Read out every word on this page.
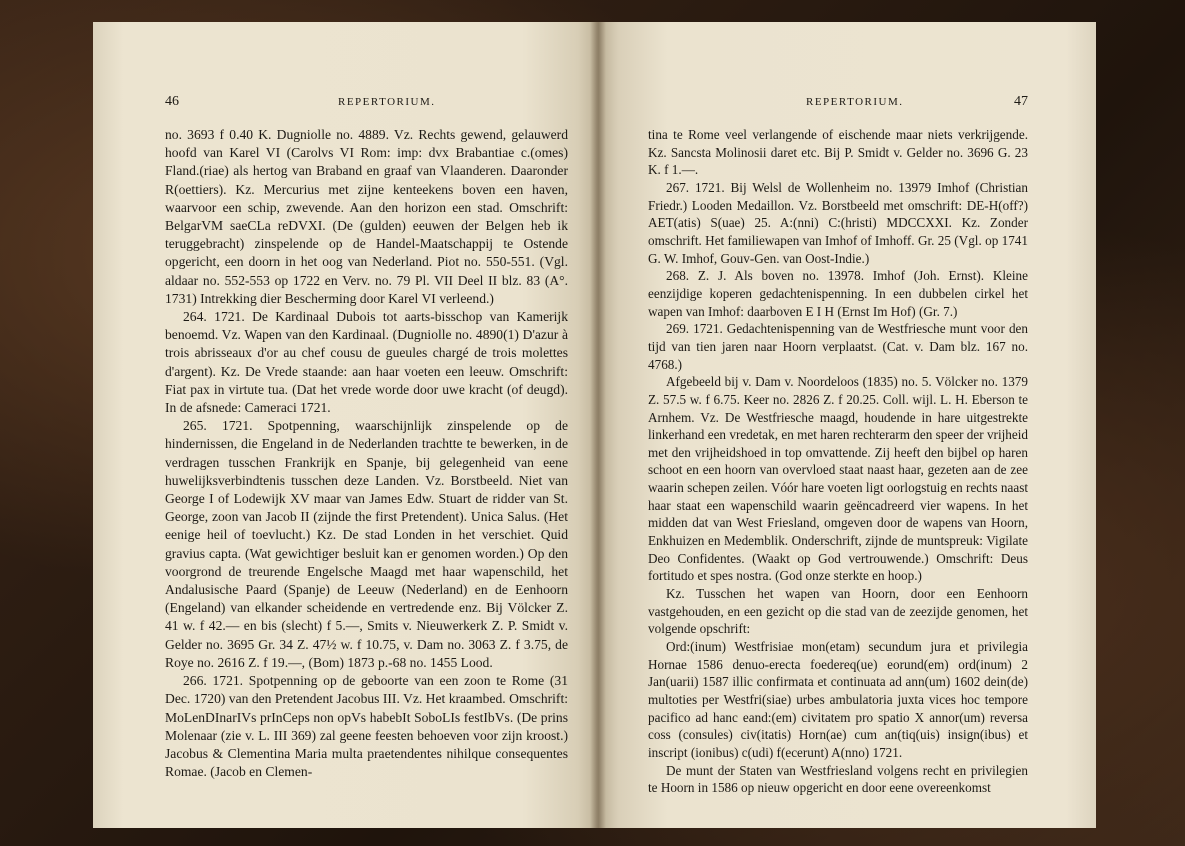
46	REPERTORIUM.

no. 3693 f 0.40 K. Dugniolle no. 4889. Vz. Rechts gewend, gelauwerd hoofd van Karel VI (Carolvs VI Rom: imp: dvx Brabantiae c.(omes) Fland.(riae) als hertog van Braband en graaf van Vlaanderen. Daaronder R(oettiers). Kz. Mercurius met zijne kenteekens boven een haven, waarvoor een schip, zwevende. Aan den horizon een stad. Omschrift: BelgarVM saeCLa reDVXI. (De (gulden) eeuwen der Belgen heb ik teruggebracht) zinspelende op de Handel-Maatschappij te Ostende opgericht, een doorn in het oog van Nederland. Piot no. 550-551. (Vgl. aldaar no. 552-553 op 1722 en Verv. no. 79 Pl. VII Deel II blz. 83 (A°. 1731) Intrekking dier Bescherming door Karel VI verleend.)

264. 1721. De Kardinaal Dubois tot aarts-bisschop van Kamerijk benoemd. Vz. Wapen van den Kardinaal. (Dugniolle no. 4890(1) D'azur à trois abrisseaux d'or au chef cousu de gueules chargé de trois molettes d'argent). Kz. De Vrede staande: aan haar voeten een leeuw. Omschrift: Fiat pax in virtute tua. (Dat het vrede worde door uwe kracht (of deugd). In de afsnede: Cameraci 1721.

265. 1721. Spotpenning, waarschijnlijk zinspelende op de hindernissen, die Engeland in de Nederlanden trachtte te bewerken, in de verdragen tusschen Frankrijk en Spanje, bij gelegenheid van eene huwelijksverbindtenis tusschen deze Landen. Vz. Borstbeeld. Niet van George I of Lodewijk XV maar van James Edw. Stuart de ridder van St. George, zoon van Jacob II (zijnde the first Pretendent). Unica Salus. (Het eenige heil of toevlucht.) Kz. De stad Londen in het verschiet. Quid gravius capta. (Wat gewichtiger besluit kan er genomen worden.) Op den voorgrond de treurende Engelsche Maagd met haar wapenschild, het Andalusische Paard (Spanje) de Leeuw (Nederland) en de Eenhoorn (Engeland) van elkander scheidende en vertredende enz. Bij Völcker Z. 41 w. f 42.— en bis (slecht) f 5.—, Smits v. Nieuwerkerk Z. P. Smidt v. Gelder no. 3695 Gr. 34 Z. 47½ w. f 10.75, v. Dam no. 3063 Z. f 3.75, de Roye no. 2616 Z. f 19.—, (Bom) 1873 p.-68 no. 1455 Lood.

266. 1721. Spotpenning op de geboorte van een zoon te Rome (31 Dec. 1720) van den Pretendent Jacobus III. Vz. Het kraambed. Omschrift: MoLenDInarIVs prInCeps non opVs habebIt SoboLIs festIbVs. (De prins Molenaar (zie v. L. III 369) zal geene feesten behoeven voor zijn kroost.) Jacobus & Clementina Maria multa praetendentes nihilque consequentes Romae. (Jacob en Clemen-

REPERTORIUM.	47

tina te Rome veel verlangende of eischende maar niets verkrijgende. Kz. Sancsta Molinosii daret etc. Bij P. Smidt v. Gelder no. 3696 G. 23 K. f 1.—.

267. 1721. Bij Welsl de Wollenheim no. 13979 Imhof (Christian Friedr.) Looden Medaillon. Vz. Borstbeeld met omschrift: DE-H(off?) AET(atis) S(uae) 25. A:(nni) C:(hristi) MDCCXXI. Kz. Zonder omschrift. Het familiewapen van Imhof of Imhoff. Gr. 25 (Vgl. op 1741 G. W. Imhof, Gouv-Gen. van Oost-Indie.)

268. Z. J. Als boven no. 13978. Imhof (Joh. Ernst). Kleine eenzijdige koperen gedachtenispenning. In een dubbelen cirkel het wapen van Imhof: daarboven E I H (Ernst Im Hof) (Gr. 7.)

269. 1721. Gedachtenispenning van de Westfriesche munt voor den tijd van tien jaren naar Hoorn verplaatst. (Cat. v. Dam blz. 167 no. 4768.)

Afgebeeld bij v. Dam v. Noordeloos (1835) no. 5. Völcker no. 1379 Z. 57.5 w. f 6.75. Keer no. 2826 Z. f 20.25. Coll. wijl. L. H. Eberson te Arnhem. Vz. De Westfriesche maagd, houdende in hare uitgestrekte linkerhand een vredetak, en met haren rechterarm den speer der vrijheid met den vrijheidshoed in top omvattende. Zij heeft den bijbel op haren schoot en een hoorn van overvloed staat naast haar, gezeten aan de zee waarin schepen zeilen. Vóór hare voeten ligt oorlogstuig en rechts naast haar staat een wapenschild waarin geëncadreerd vier wapens. In het midden dat van West Friesland, omgeven door de wapens van Hoorn, Enkhuizen en Medemblik. Onderschrift, zijnde de muntspreuk: Vigilate Deo Confidentes. (Waakt op God vertrouwende.) Omschrift: Deus fortitudo et spes nostra. (God onze sterkte en hoop.)

Kz. Tusschen het wapen van Hoorn, door een Eenhoorn vastgehouden, en een gezicht op die stad van de zeezijde genomen, het volgende opschrift:

Ord:(inum) Westfrisiae mon(etam) secundum jura et privilegia Hornae 1586 denuo-erecta foedereq(ue) eorund(em) ord(inum) 2 Jan(uarii) 1587 illic confirmata et continuata ad ann(um) 1602 dein(de) multoties per Westfri(siae) urbes ambulatoria juxta vices hoc tempore pacifico ad hanc eand:(em) civitatem pro spatio X annor(um) reversa coss (consules) civ(itatis) Horn(ae) cum an(tiq(uis) insign(ibus) et inscript (ionibus) c(udi) f(ecerunt) A(nno) 1721.

De munt der Staten van Westfriesland volgens recht en privilegien te Hoorn in 1586 op nieuw opgericht en door eene overeenkomst
